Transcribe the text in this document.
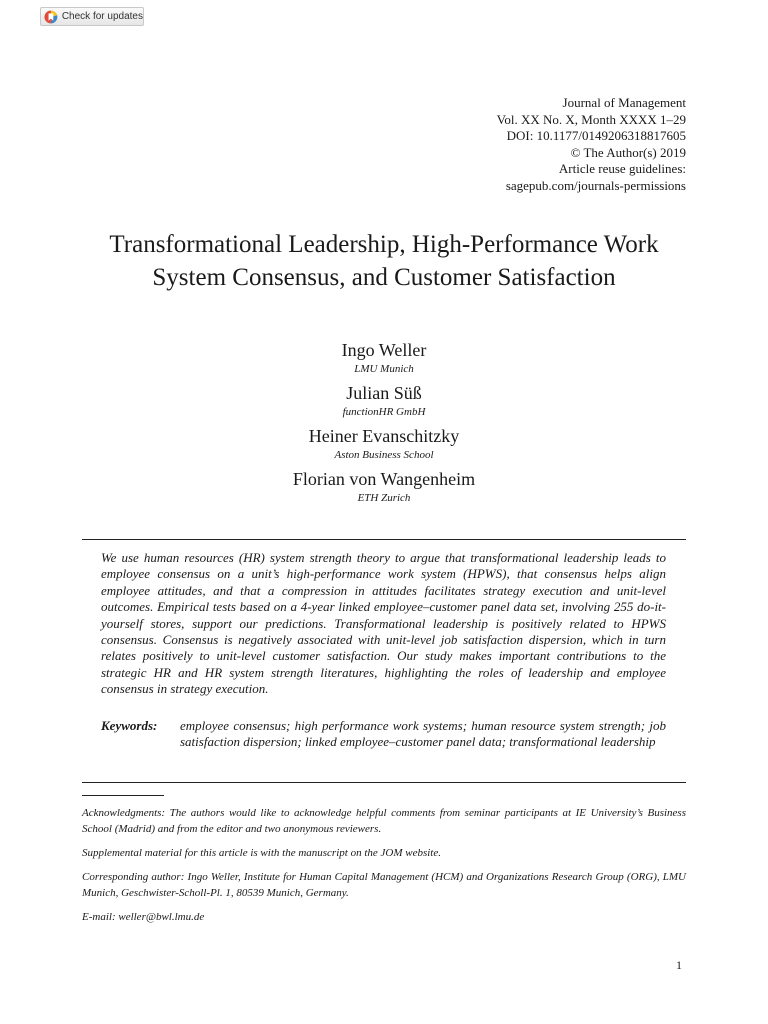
Check for updates
Journal of Management
Vol. XX No. X, Month XXXX 1–29
DOI: 10.1177/0149206318817605
© The Author(s) 2019
Article reuse guidelines:
sagepub.com/journals-permissions
Transformational Leadership, High-Performance Work System Consensus, and Customer Satisfaction
Ingo Weller
LMU Munich
Julian Süß
functionHR GmbH
Heiner Evanschitzky
Aston Business School
Florian von Wangenheim
ETH Zurich

We use human resources (HR) system strength theory to argue that transformational leadership leads to employee consensus on a unit’s high-performance work system (HPWS), that consensus helps align employee attitudes, and that a compression in attitudes facilitates strategy execution and unit-level outcomes. Empirical tests based on a 4-year linked employee–customer panel data set, involving 255 do-it-yourself stores, support our predictions. Transformational leadership is positively related to HPWS consensus. Consensus is negatively associated with unit-level job satisfaction dispersion, which in turn relates positively to unit-level customer satisfaction. Our study makes important contributions to the strategic HR and HR system strength literatures, highlighting the roles of leadership and employee consensus in strategy execution.

Keywords: employee consensus; high performance work systems; human resource system strength; job satisfaction dispersion; linked employee–customer panel data; transformational leadership

Acknowledgments: The authors would like to acknowledge helpful comments from seminar participants at IE University’s Business School (Madrid) and from the editor and two anonymous reviewers.

Supplemental material for this article is with the manuscript on the JOM website.

Corresponding author: Ingo Weller, Institute for Human Capital Management (HCM) and Organizations Research Group (ORG), LMU Munich, Geschwister-Scholl-Pl. 1, 80539 Munich, Germany.

E-mail: weller@bwl.lmu.de

1
